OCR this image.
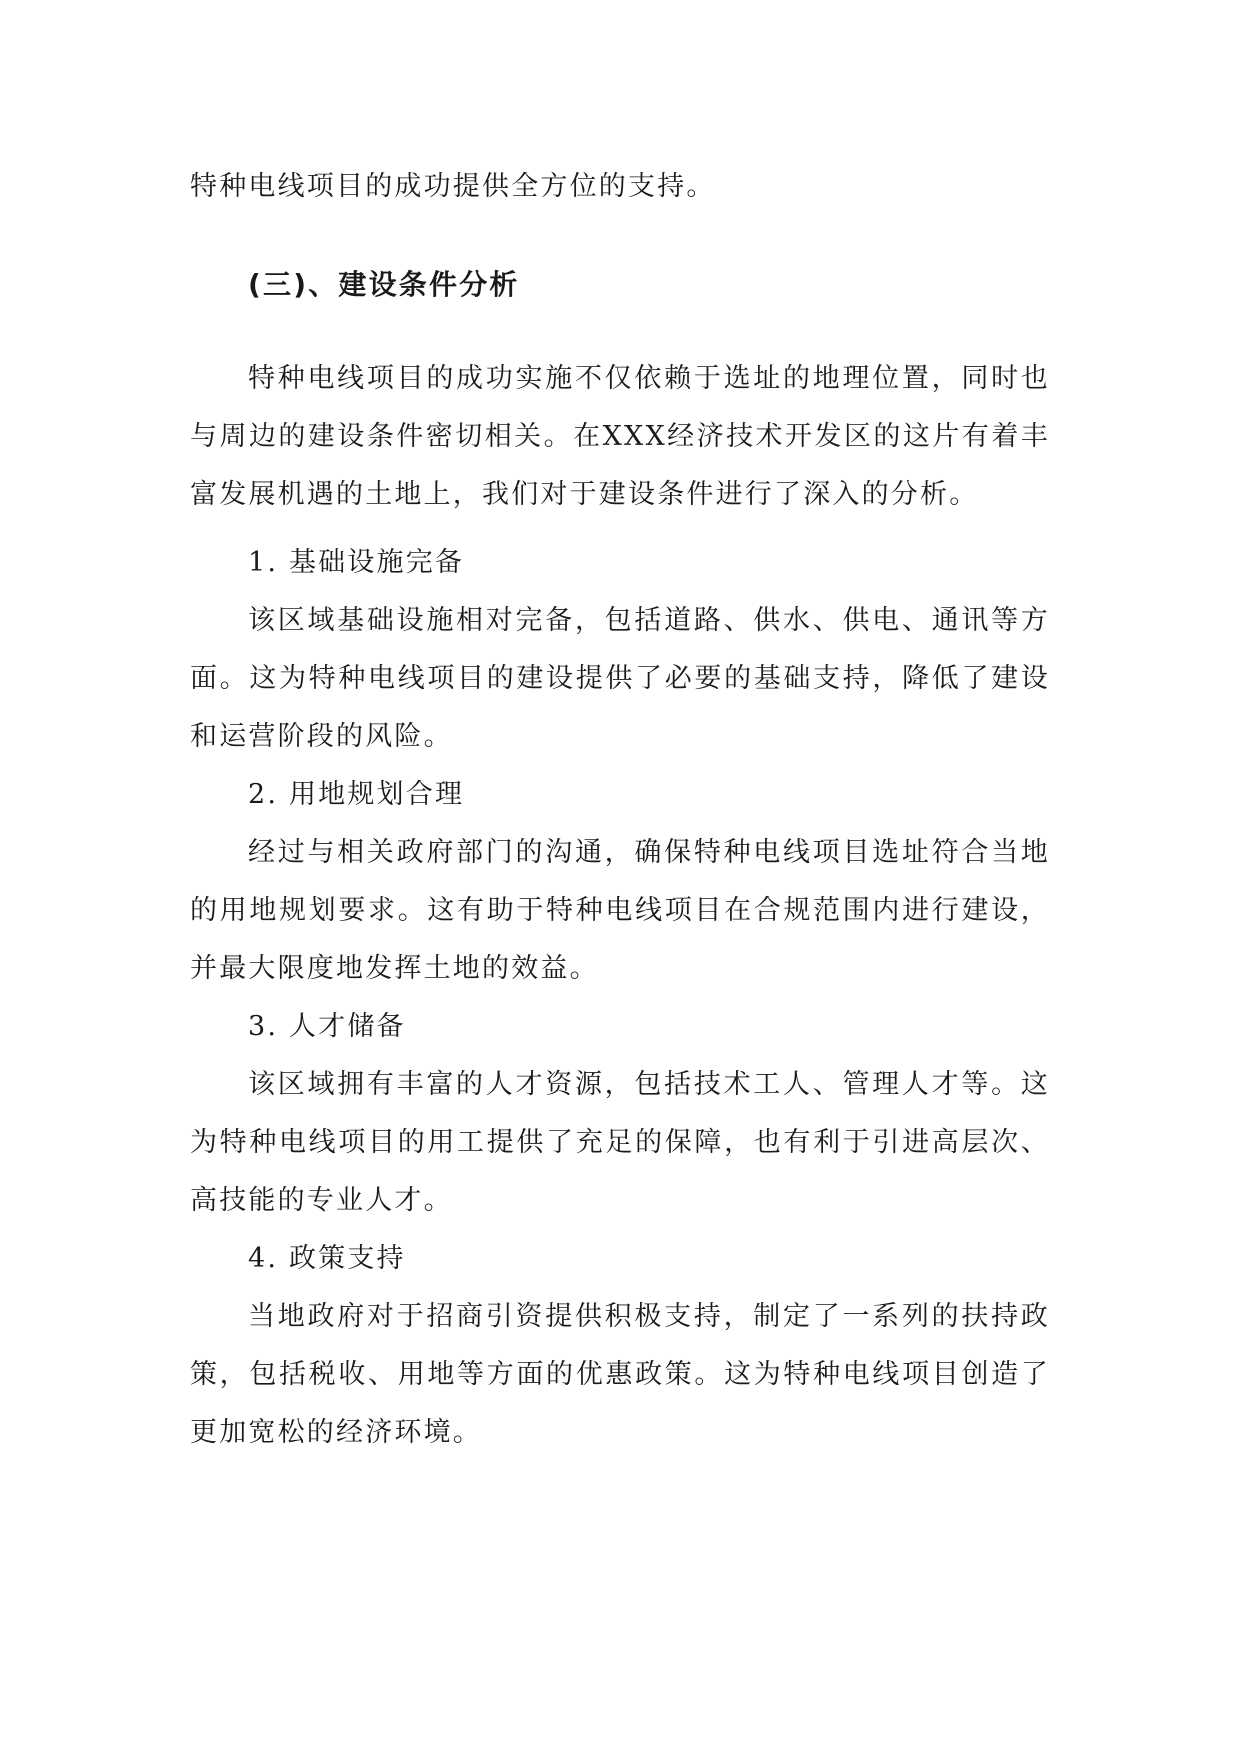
特种电线项目的成功提供全方位的支持。

(三)、建设条件分析

特种电线项目的成功实施不仅依赖于选址的地理位置，同时也与周边的建设条件密切相关。在XXX经济技术开发区的这片有着丰富发展机遇的土地上，我们对于建设条件进行了深入的分析。

1. 基础设施完备

该区域基础设施相对完备，包括道路、供水、供电、通讯等方面。这为特种电线项目的建设提供了必要的基础支持，降低了建设和运营阶段的风险。

2. 用地规划合理

经过与相关政府部门的沟通，确保特种电线项目选址符合当地的用地规划要求。这有助于特种电线项目在合规范围内进行建设，并最大限度地发挥土地的效益。

3. 人才储备

该区域拥有丰富的人才资源，包括技术工人、管理人才等。这为特种电线项目的用工提供了充足的保障，也有利于引进高层次、高技能的专业人才。

4. 政策支持

当地政府对于招商引资提供积极支持，制定了一系列的扶持政策，包括税收、用地等方面的优惠政策。这为特种电线项目创造了更加宽松的经济环境。
